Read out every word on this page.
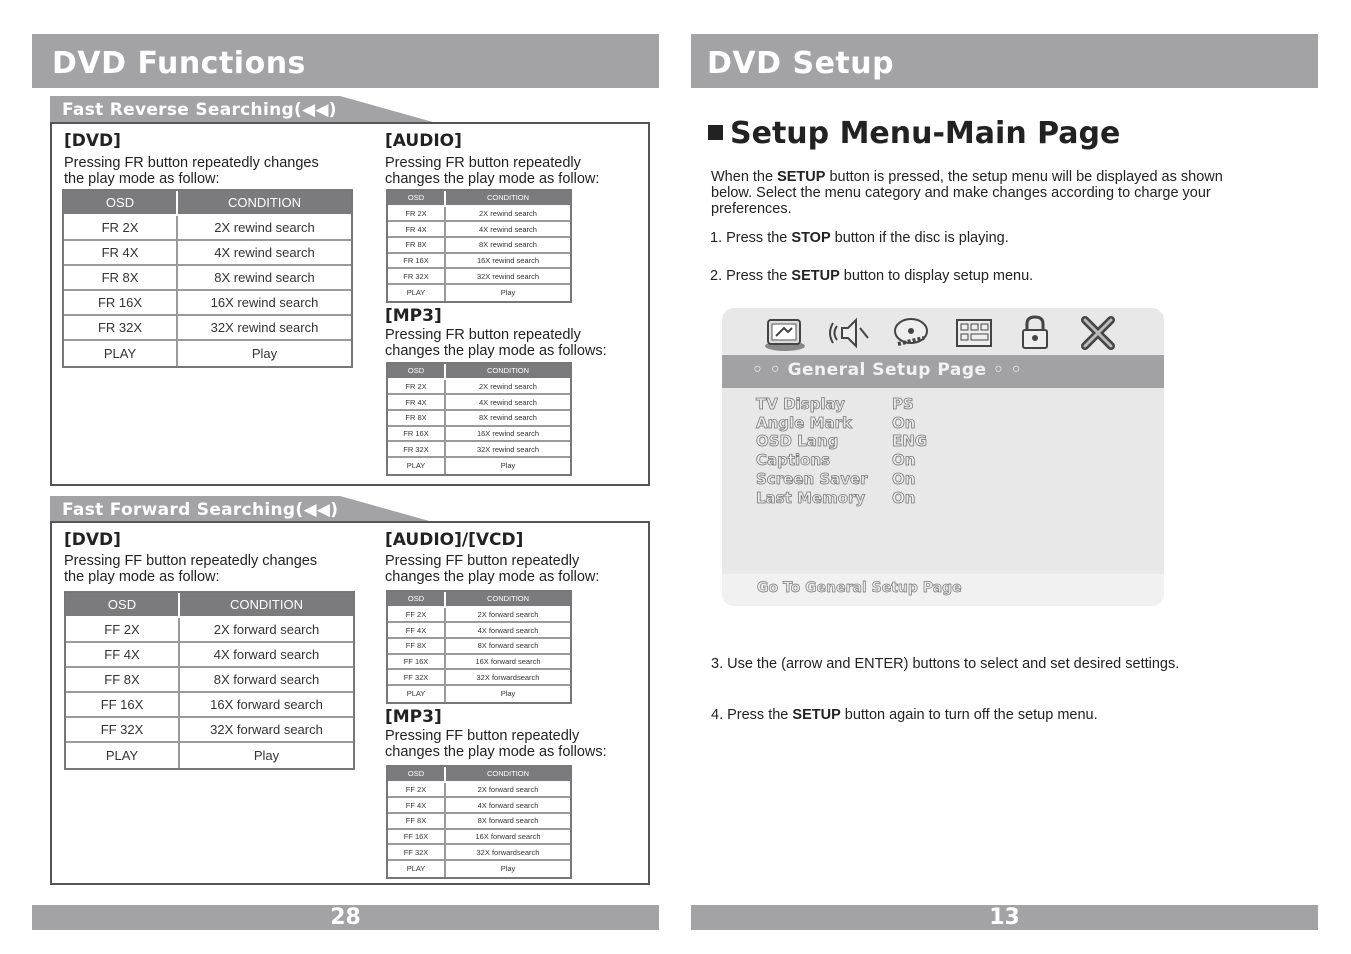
DVD Functions
Fast Reverse Searching(◀◀)
[DVD]
Pressing FR button repeatedly changes
the play mode as follow:
OSD	CONDITION
FR 2X	2X rewind search
FR 4X	4X rewind search
FR 8X	8X rewind search
FR 16X	16X rewind search
FR 32X	32X rewind search
PLAY	Play
[AUDIO]
Pressing FR button repeatedly
changes the play mode as follow:
OSD	CONDITION
FR 2X	2X rewind search
FR 4X	4X rewind search
FR 8X	8X rewind search
FR 16X	16X rewind search
FR 32X	32X rewind search
PLAY	Play
[MP3]
Pressing FR button repeatedly
changes the play mode as follows:
OSD	CONDITION
FR 2X	2X rewind search
FR 4X	4X rewind search
FR 8X	8X rewind search
FR 16X	16X rewind search
FR 32X	32X rewind search
PLAY	Play
Fast Forward Searching(◀◀)
[DVD]
Pressing FF button repeatedly changes
the play mode as follow:
OSD	CONDITION
FF 2X	2X forward search
FF 4X	4X forward search
FF 8X	8X forward search
FF 16X	16X forward search
FF 32X	32X forward search
PLAY	Play
[AUDIO]/[VCD]
Pressing FF button repeatedly
changes the play mode as follow:
OSD	CONDITION
FF 2X	2X forward search
FF 4X	4X forward search
FF 8X	8X forward search
FF 16X	16X forward search
FF 32X	32X forwardsearch
PLAY	Play
[MP3]
Pressing FF button repeatedly
changes the play mode as follows:
OSD	CONDITION
FF 2X	2X forward search
FF 4X	4X forward search
FF 8X	8X forward search
FF 16X	16X forward search
FF 32X	32X forwardsearch
PLAY	Play
28
DVD Setup
Setup Menu-Main Page
When the SETUP button is pressed, the setup menu will be displayed as shown
below. Select the menu category and make changes according to charge your
preferences.
1. Press the STOP button if the disc is playing.
2. Press the SETUP button to display setup menu.
◦ ◦ General Setup Page ◦ ◦
TV Display	PS
Angle Mark	On
OSD Lang	ENG
Captions	On
Screen Saver On
Last Memory On
Go To General Setup Page
3. Use the (arrow and ENTER) buttons to select and set desired settings.
4. Press the SETUP button again to turn off the setup menu.
13
